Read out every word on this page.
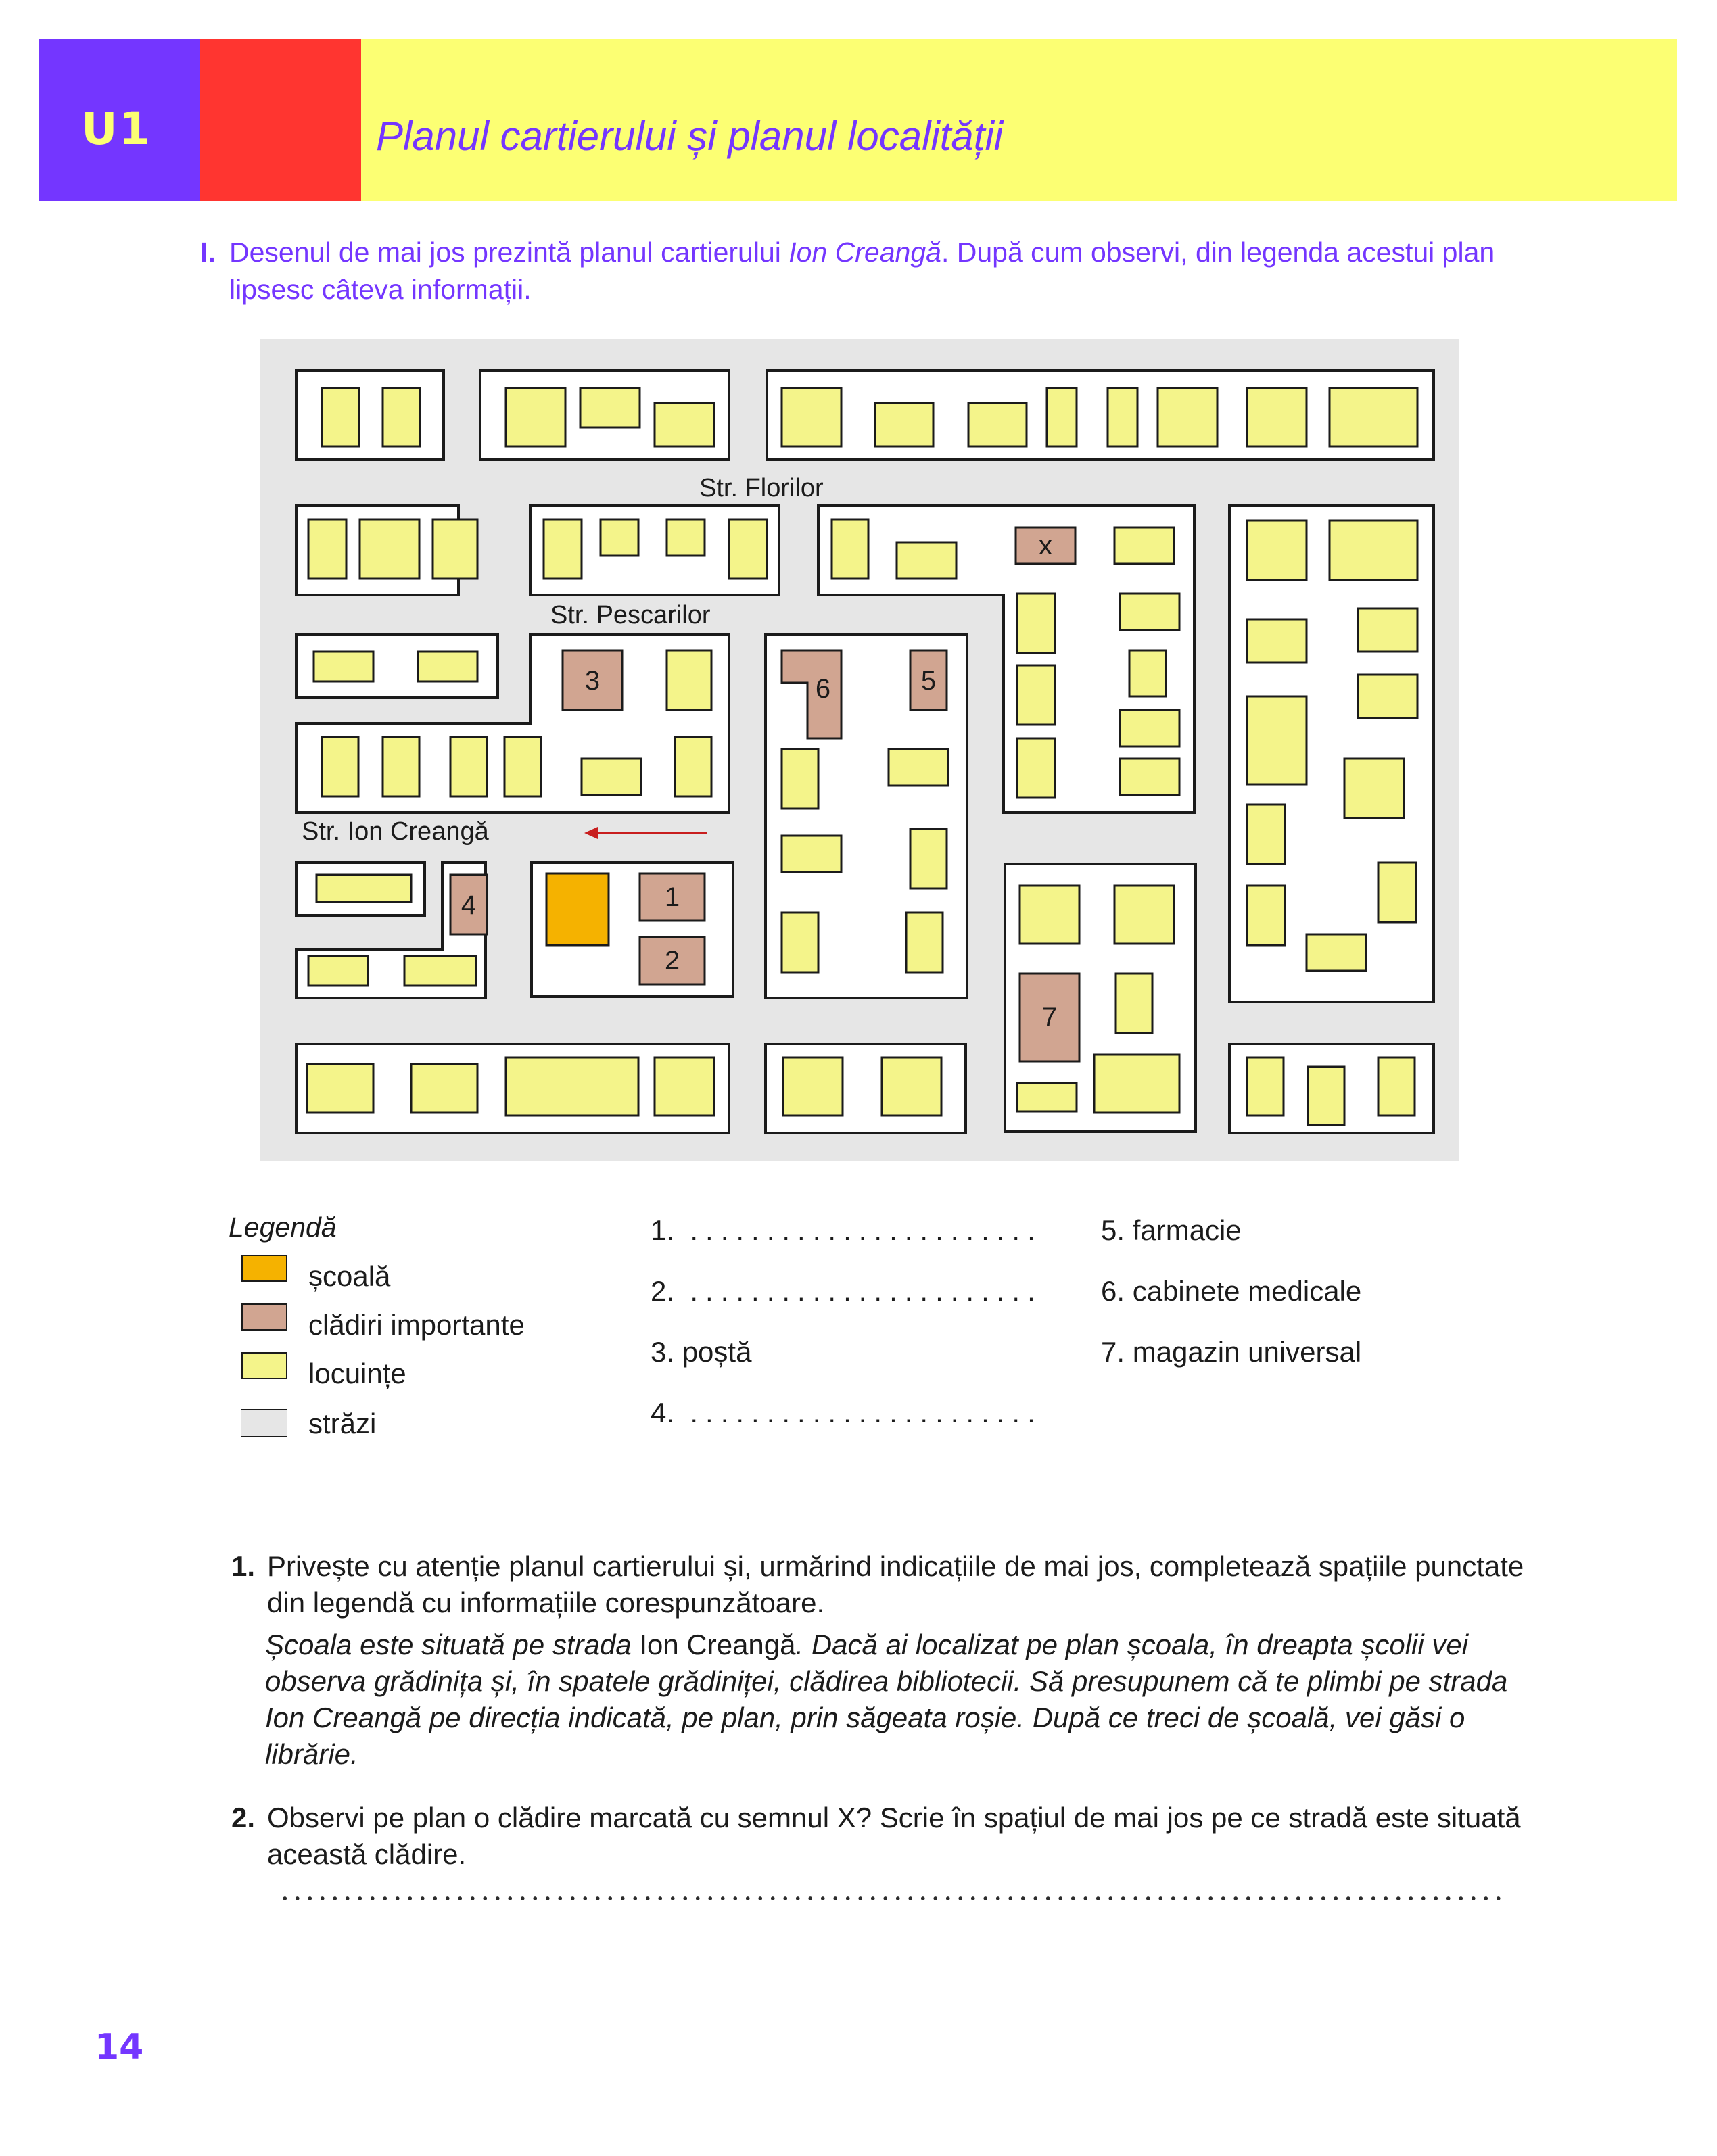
U1	Planul cartierului și planul localității
I. Desenul de mai jos prezintă planul cartierului Ion Creangă. După cum observi, din legenda acestui plan lipsesc câteva informații.
Str. Florilor
x
Str. Pescarilor
3	6	5
Str. Ion Creangă
4	1
2
7
Legendă
școală
clădiri importante
locuințe
străzi
1. .......................
2. .......................
3. poștă
4. .......................
5. farmacie
6. cabinete medicale
7. magazin universal
1. Privește cu atenție planul cartierului și, urmărind indicațiile de mai jos, completează spațiile punctate din legendă cu informațiile corespunzătoare.
Școala este situată pe strada Ion Creangă. Dacă ai localizat pe plan școala, în dreapta școlii vei observa grădinița și, în spatele grădiniței, clădirea bibliotecii. Să presupunem că te plimbi pe strada Ion Creangă pe direcția indicată, pe plan, prin săgeata roșie. După ce treci de școală, vei găsi o librărie.
2. Observi pe plan o clădire marcată cu semnul X? Scrie în spațiul de mai jos pe ce stradă este situată această clădire.
14
